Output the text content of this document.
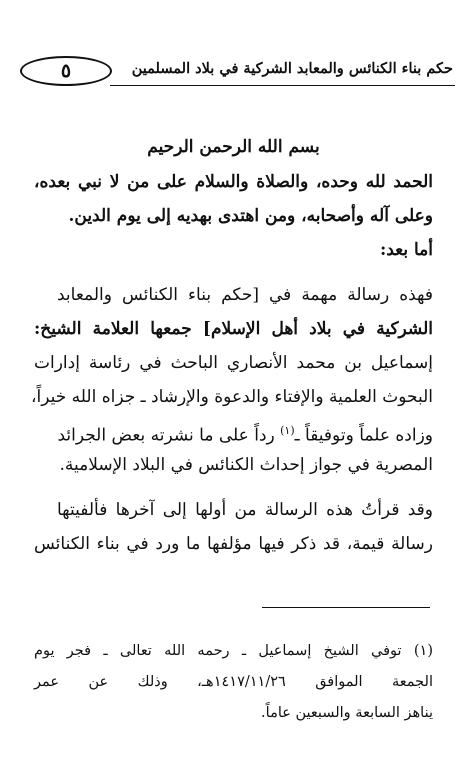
حكم بناء الكنائس والمعابد الشركية في بلاد المسلمين
٥
بسم الله الرحمن الرحيم
الحمد لله وحده، والصلاة والسلام على من لا نبي بعده،
وعلى آله وأصحابه، ومن اهتدى بهديه إلى يوم الدين.
أما بعد:
فهذه رسالة مهمة في [حكم بناء الكنائس والمعابد
الشركية في بلاد أهل الإسلام] جمعها العلامة الشيخ:
إسماعيل بن محمد الأنصاري الباحث في رئاسة إدارات
البحوث العلمية والإفتاء والدعوة والإرشاد ـ جزاه الله خيراً،
وزاده علماً وتوفيقاً ـ$^{(١)}$ رداً على ما نشرته بعض الجرائد
المصرية في جواز إحداث الكنائس في البلاد الإسلامية.
وقد قرأتُ هذه الرسالة من أولها إلى آخرها فألفيتها
رسالة قيمة، قد ذكر فيها مؤلفها ما ورد في بناء الكنائس
(١) توفي الشيخ إسماعيل ـ رحمه الله تعالى ـ فجر يوم
الجمعة الموافق ١٤١٧/١١/٢٦هـ، وذلك عن عمر
يناهز السابعة والسبعين عاماً.
